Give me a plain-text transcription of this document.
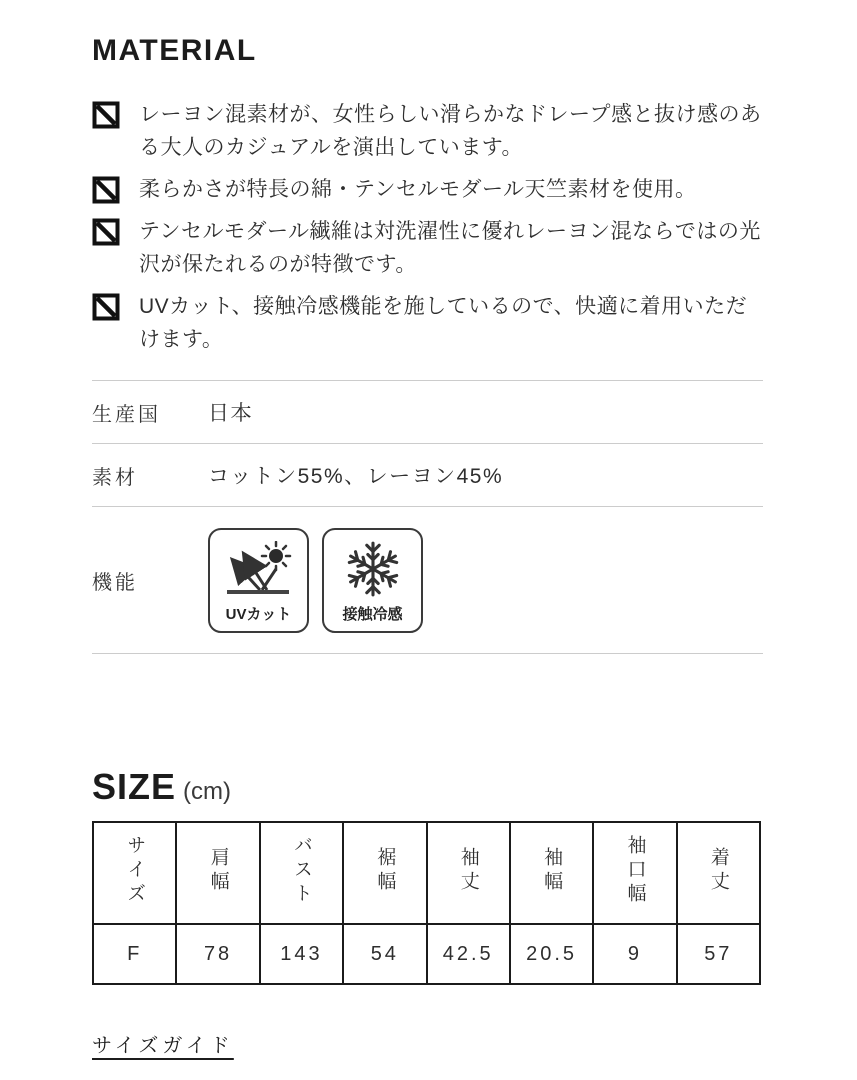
MATERIAL
レーヨン混素材が、女性らしい滑らかなドレープ感と抜け感のある大人のカジュアルを演出しています。
柔らかさが特長の綿・テンセルモダール天竺素材を使用。
テンセルモダール繊維は対洗濯性に優れレーヨン混ならではの光沢が保たれるのが特徴です。
UVカット、接触冷感機能を施しているので、快適に着用いただけます。
生産国	日本
素材	コットン55%、レーヨン45%
機能
UVカット	接触冷感
SIZE (cm)
サイズ	肩幅	バスト	裾幅	袖丈	袖幅	袖口幅	着丈
F	78	143	54	42.5	20.5	9	57
サイズガイド
